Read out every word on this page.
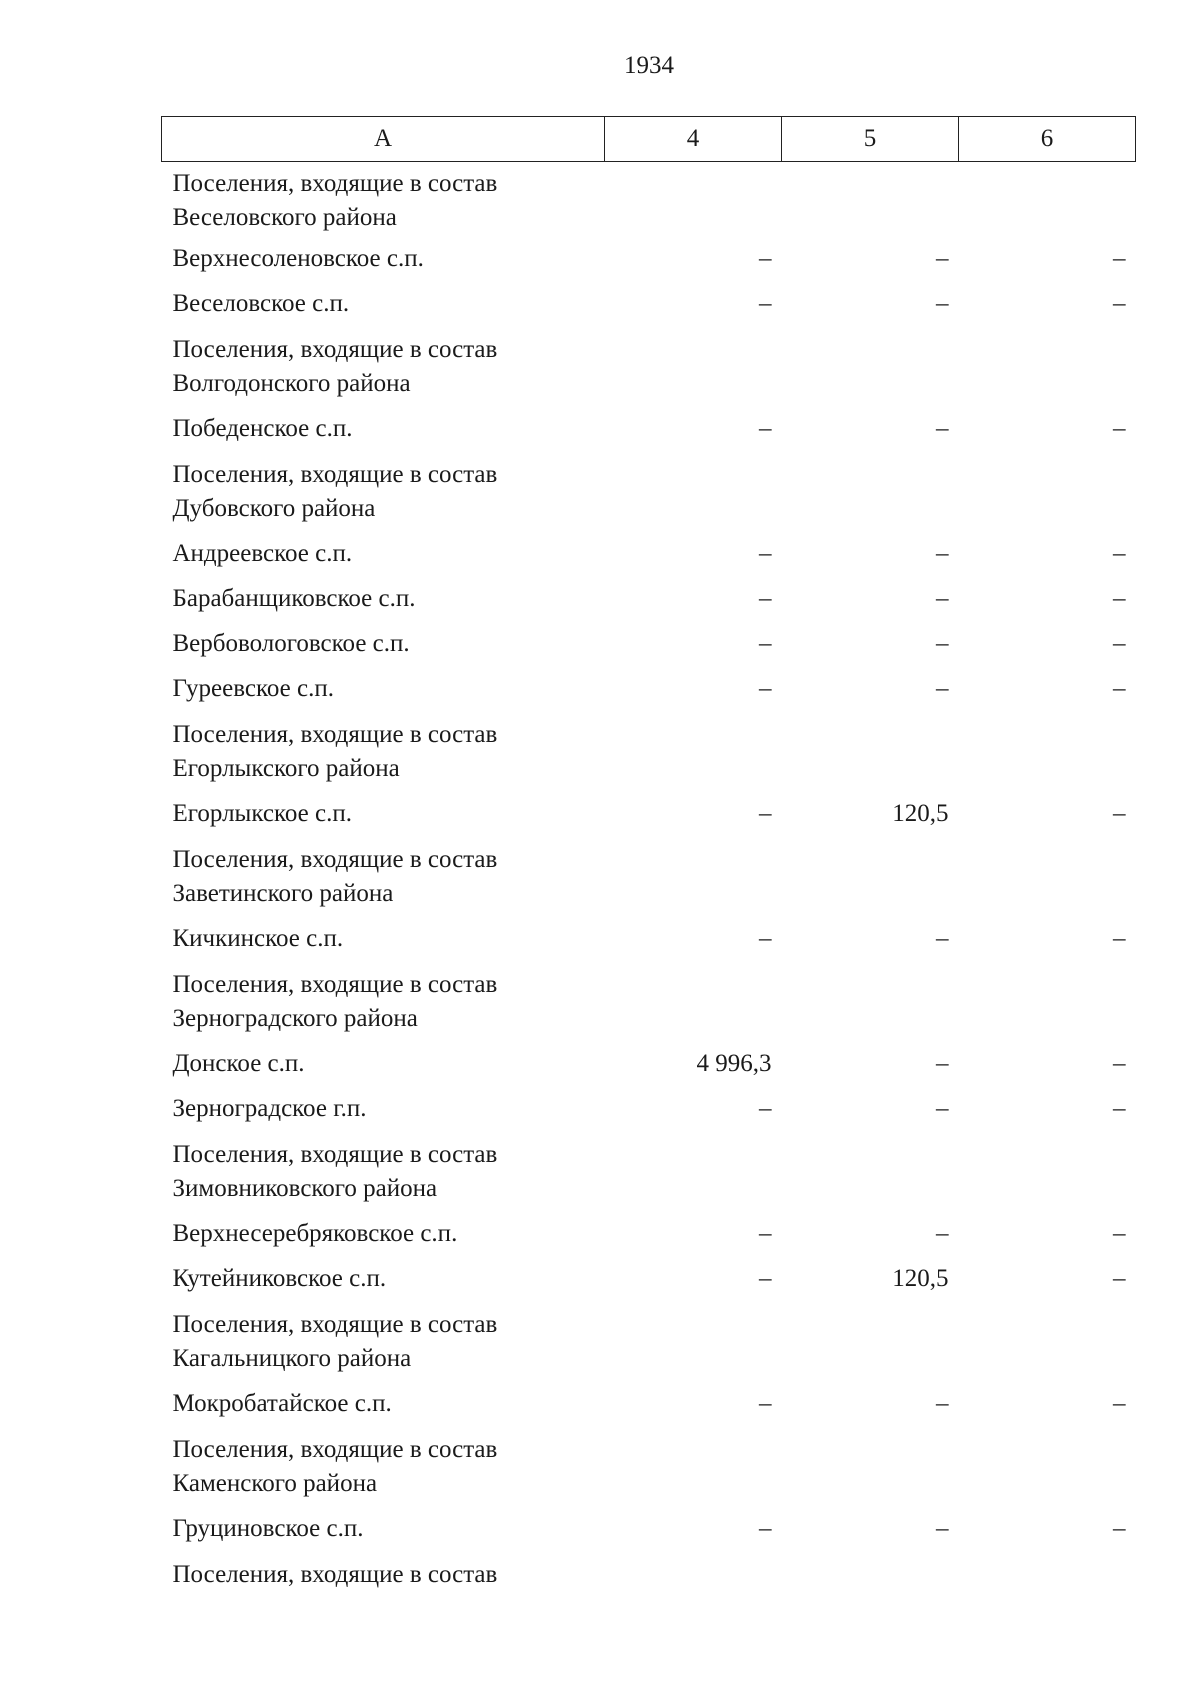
1934
А	4	5	6

Поселения, входящие в состав Веселовского района			

Верхнесоленовское с.п.	–	–	–
Веселовское с.п.	–	–	–

Поселения, входящие в состав Волгодонского района			

Победенское с.п.	–	–	–

Поселения, входящие в состав Дубовского района			

Андреевское с.п.	–	–	–
Барабанщиковское с.п.	–	–	–
Вербовологовское с.п.	–	–	–
Гуреевское с.п.	–	–	–

Поселения, входящие в состав Егорлыкского района			

Егорлыкское с.п.	–	120,5	–

Поселения, входящие в состав Заветинского района			

Кичкинское с.п.	–	–	–

Поселения, входящие в состав Зерноградского района			

Донское с.п.	4 996,3	–	–
Зерноградское г.п.	–	–	–

Поселения, входящие в состав Зимовниковского района			

Верхнесеребряковское с.п.	–	–	–
Кутейниковское с.п.	–	120,5	–

Поселения, входящие в состав Кагальницкого района			

Мокробатайское с.п.	–	–	–

Поселения, входящие в состав Каменского района			

Груциновское с.п.	–	–	–

Поселения, входящие в состав			
